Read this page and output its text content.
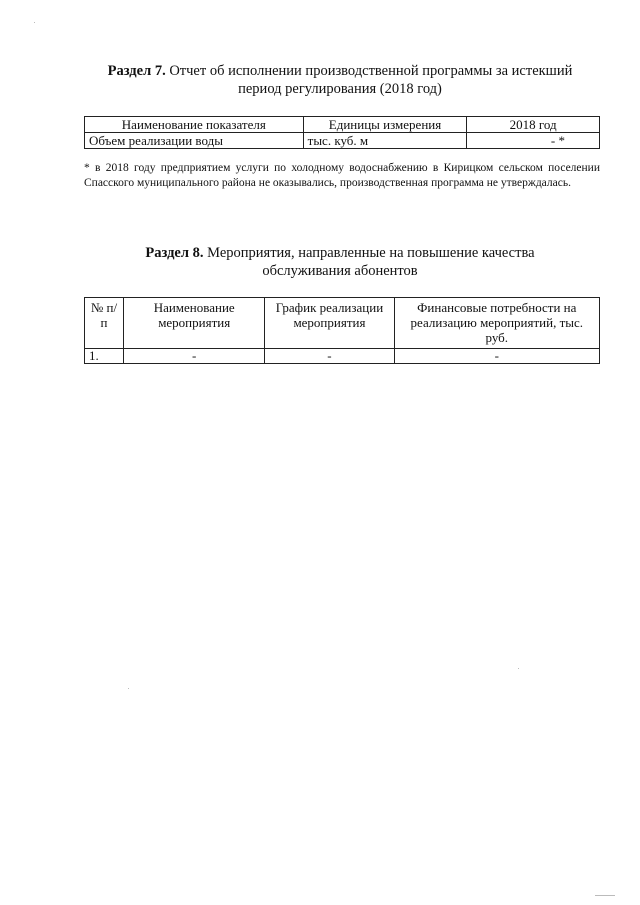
Раздел 7. Отчет об исполнении производственной программы за истекший
период регулирования (2018 год)
Наименование показателя	Единицы измерения	2018 год
Объем реализации воды	тыс. куб. м	- *
* в 2018 году предприятием услуги по холодному водоснабжению в Кирицком сельском поселении Спасского муниципального района не оказывались, производственная программа не утверждалась.
Раздел 8. Мероприятия, направленные на повышение качества
обслуживания абонентов
№ п/п	Наименование мероприятия	График реализации мероприятия	Финансовые потребности на реализацию мероприятий, тыс. руб.
1.	-	-	-
